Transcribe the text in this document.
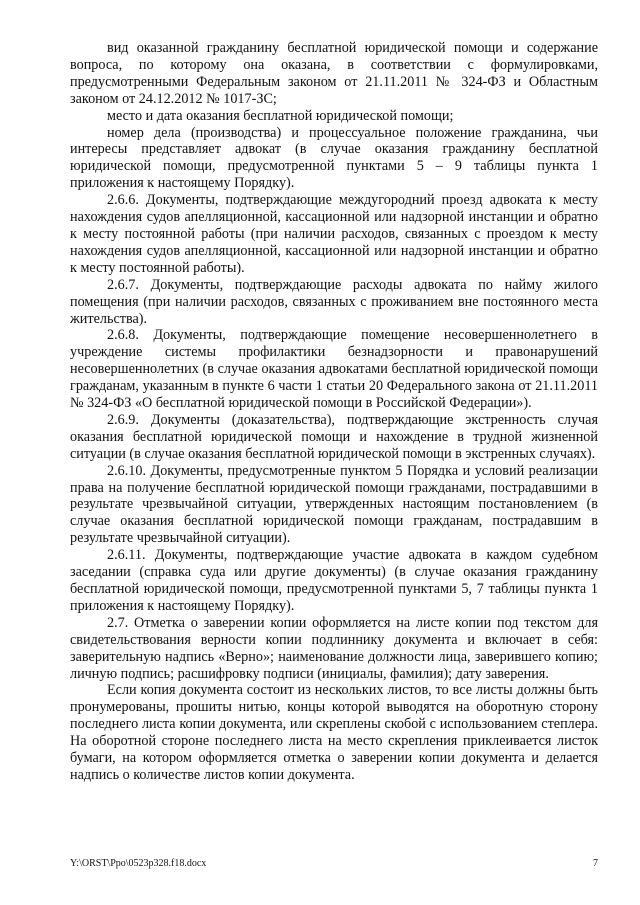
вид оказанной гражданину бесплатной юридической помощи и содержание вопроса, по которому она оказана, в соответствии с формулировками, предусмотренными Федеральным законом от 21.11.2011 № 324-ФЗ и Областным законом от 24.12.2012 № 1017-ЗС;

место и дата оказания бесплатной юридической помощи;

номер дела (производства) и процессуальное положение гражданина, чьи интересы представляет адвокат (в случае оказания гражданину бесплатной юридической помощи, предусмотренной пунктами 5 – 9 таблицы пункта 1 приложения к настоящему Порядку).

2.6.6. Документы, подтверждающие междугородний проезд адвоката к месту нахождения судов апелляционной, кассационной или надзорной инстанции и обратно к месту постоянной работы (при наличии расходов, связанных с проездом к месту нахождения судов апелляционной, кассационной или надзорной инстанции и обратно к месту постоянной работы).

2.6.7. Документы, подтверждающие расходы адвоката по найму жилого помещения (при наличии расходов, связанных с проживанием вне постоянного места жительства).

2.6.8. Документы, подтверждающие помещение несовершеннолетнего в учреждение системы профилактики безнадзорности и правонарушений несовершеннолетних (в случае оказания адвокатами бесплатной юридической помощи гражданам, указанным в пункте 6 части 1 статьи 20 Федерального закона от 21.11.2011 № 324-ФЗ «О бесплатной юридической помощи в Российской Федерации»).

2.6.9. Документы (доказательства), подтверждающие экстренность случая оказания бесплатной юридической помощи и нахождение в трудной жизненной ситуации (в случае оказания бесплатной юридической помощи в экстренных случаях).

2.6.10. Документы, предусмотренные пунктом 5 Порядка и условий реализации права на получение бесплатной юридической помощи гражданами, пострадавшими в результате чрезвычайной ситуации, утвержденных настоящим постановлением (в случае оказания бесплатной юридической помощи гражданам, пострадавшим в результате чрезвычайной ситуации).

2.6.11. Документы, подтверждающие участие адвоката в каждом судебном заседании (справка суда или другие документы) (в случае оказания гражданину бесплатной юридической помощи, предусмотренной пунктами 5, 7 таблицы пункта 1 приложения к настоящему Порядку).

2.7. Отметка о заверении копии оформляется на листе копии под текстом для свидетельствования верности копии подлиннику документа и включает в себя: заверительную надпись «Верно»; наименование должности лица, заверившего копию; личную подпись; расшифровку подписи (инициалы, фамилия); дату заверения.

Если копия документа состоит из нескольких листов, то все листы должны быть пронумерованы, прошиты нитью, концы которой выводятся на оборотную сторону последнего листа копии документа, или скреплены скобой с использованием степлера. На оборотной стороне последнего листа на место скрепления приклеивается листок бумаги, на котором оформляется отметка о заверении копии документа и делается надпись о количестве листов копии документа.

Y:\ORST\Ppo\0523p328.f18.docx	7
